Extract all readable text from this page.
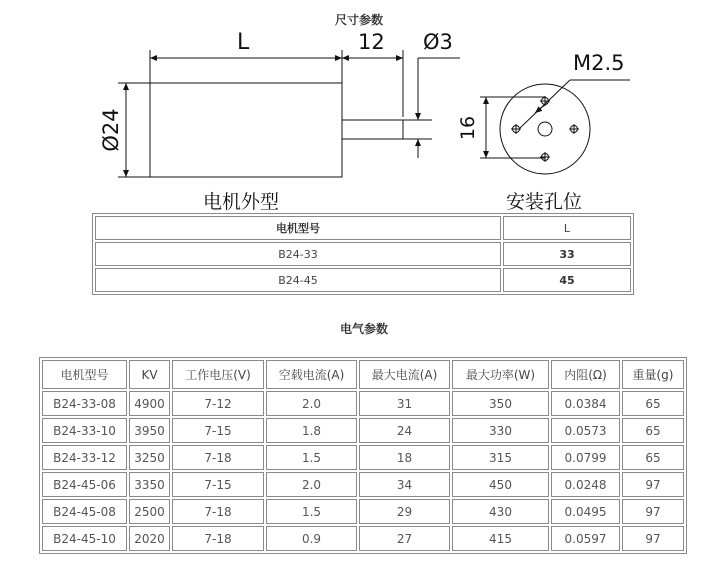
尺寸参数
L	12 Ø3
Ø24	16
M2.5
电机外型	安装孔位
电机型号	L
B24-33	33
B24-45	45
电气参数
电机型号	KV	工作电压(V)	空载电流(A)	最大电流(A)	最大功率(W)	内阻(Ω)	重量(g)
B24-33-08	4900	7-12	2.0	31	350	0.0384	65
B24-33-10	3950	7-15	1.8	24	330	0.0573	65
B24-33-12	3250	7-18	1.5	18	315	0.0799	65
B24-45-06	3350	7-15	2.0	34	450	0.0248	97
B24-45-08	2500	7-18	1.5	29	430	0.0495	97
B24-45-10	2020	7-18	0.9	27	415	0.0597	97
